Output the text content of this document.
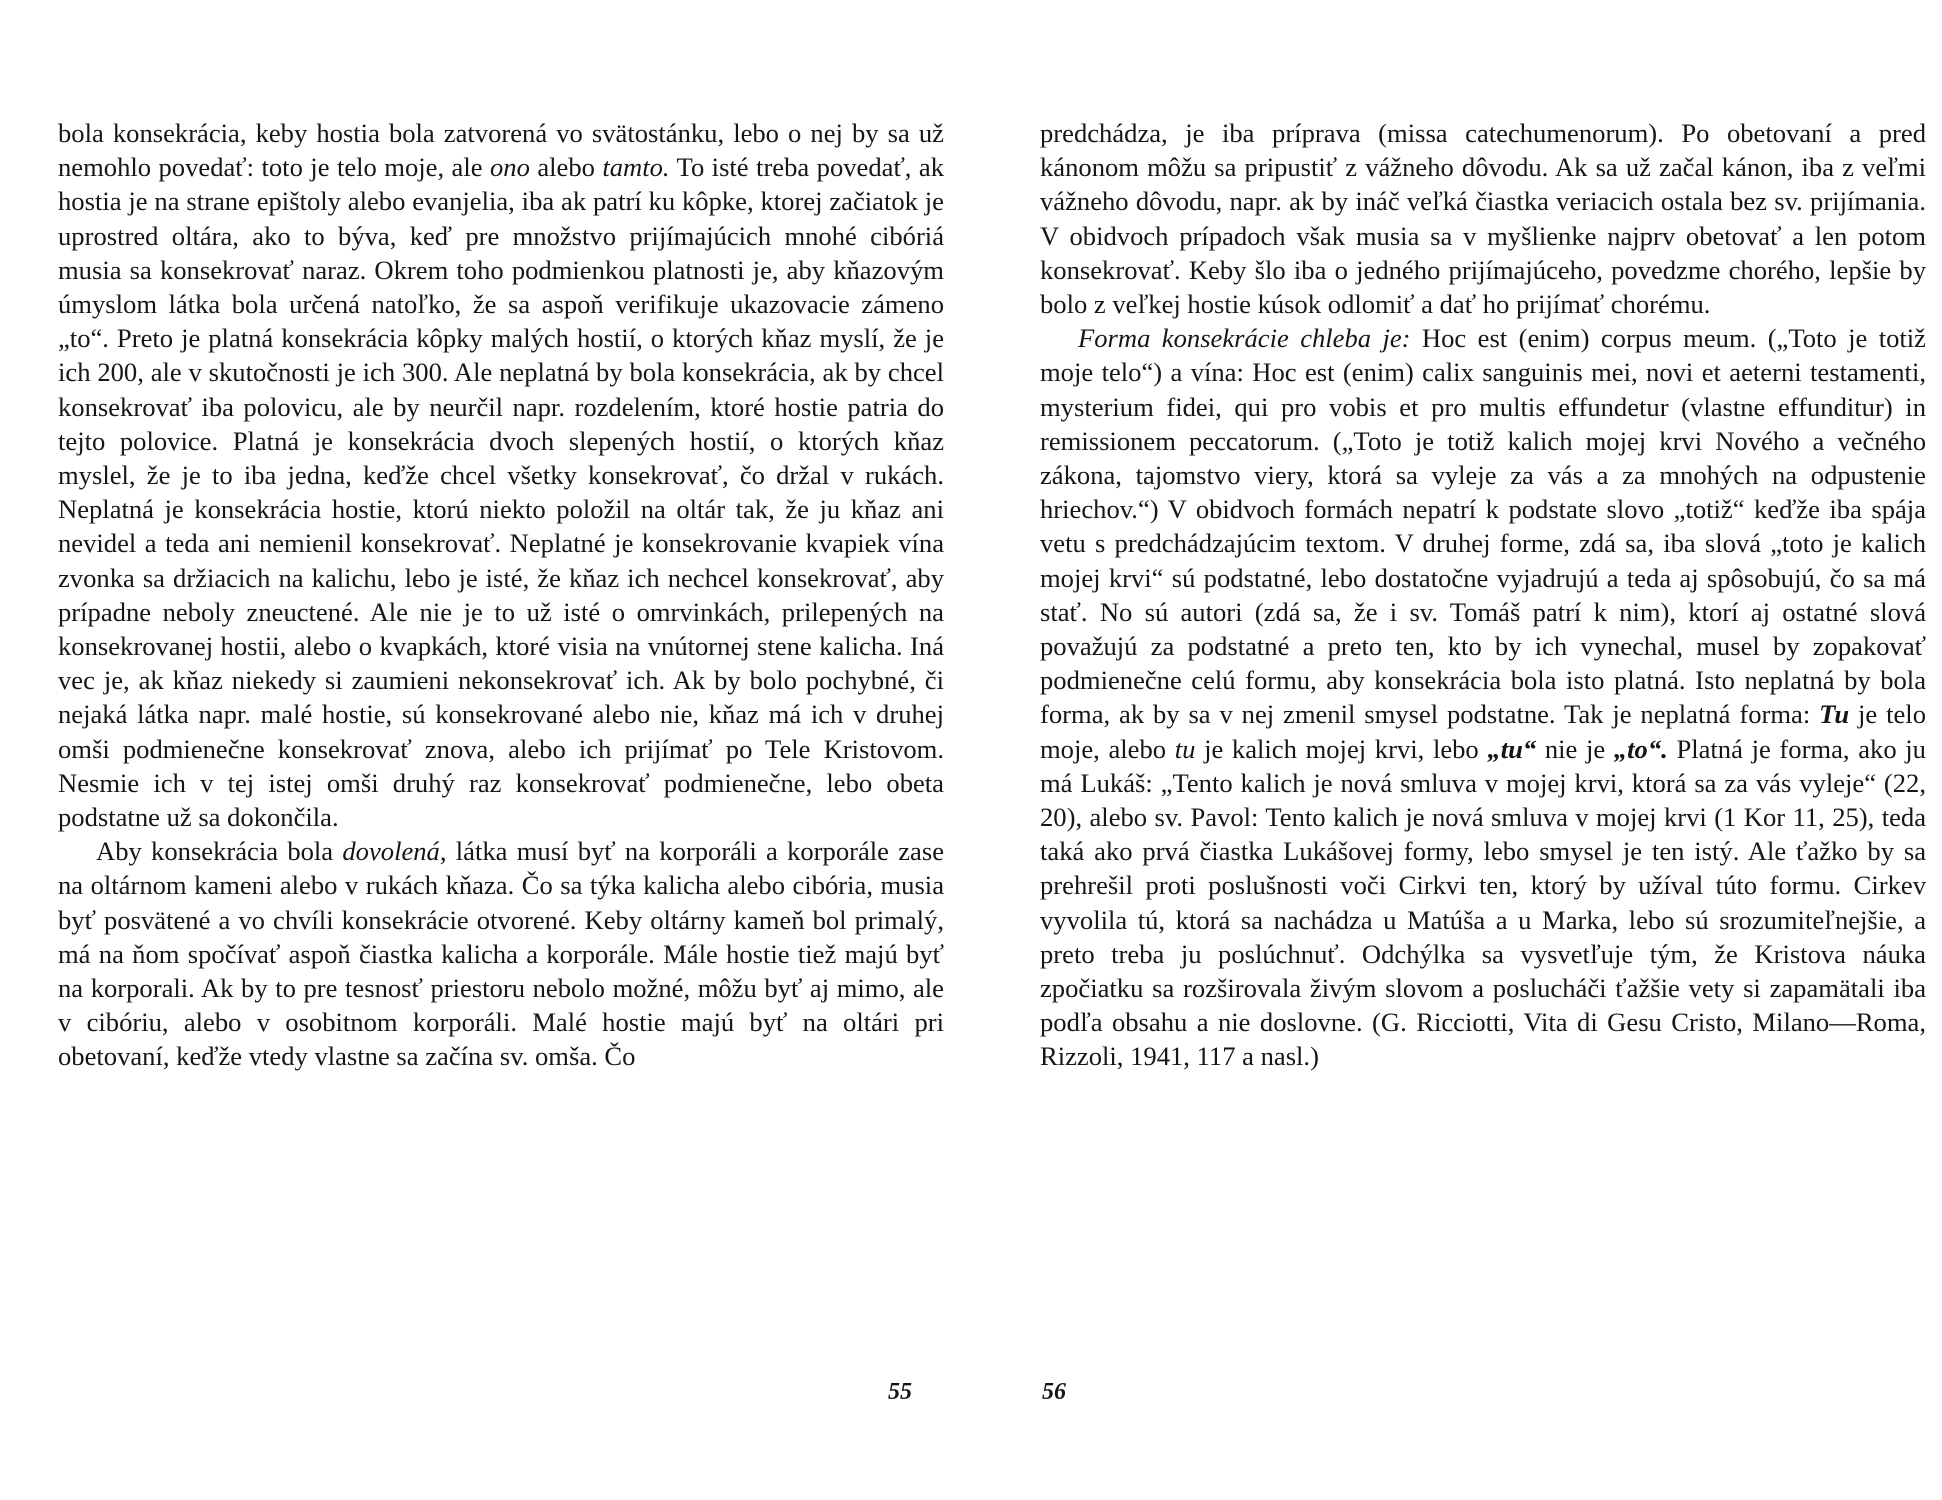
bola konsekrácia, keby hostia bola zatvorená vo svätostánku, lebo o nej by sa už nemohlo povedať: toto je telo moje, ale ono alebo tamto. To isté treba povedať, ak hostia je na strane epištoly alebo evanjelia, iba ak patrí ku kôpke, ktorej začiatok je uprostred oltára, ako to býva, keď pre množstvo prijímajúcich mnohé cibóriá musia sa konsekrovať naraz. Okrem toho podmienkou platnosti je, aby kňazovým úmyslom látka bola určená natoľko, že sa aspoň verifikuje ukazovacie zámeno „to“. Preto je platná konsekrácia kôpky malých hostií, o ktorých kňaz myslí, že je ich 200, ale v skutočnosti je ich 300. Ale neplatná by bola konsekrácia, ak by chcel konsekrovať iba polovicu, ale by neurčil napr. rozdelením, ktoré hostie patria do tejto polovice. Platná je konsekrácia dvoch slepených hostií, o ktorých kňaz myslel, že je to iba jedna, keďže chcel všetky konsekrovať, čo držal v rukách. Neplatná je konsekrácia hostie, ktorú niekto položil na oltár tak, že ju kňaz ani nevidel a teda ani nemienil konsekrovať. Neplatné je konsekrovanie kvapiek vína zvonka sa držiacich na kalichu, lebo je isté, že kňaz ich nechcel konsekrovať, aby prípadne neboly zneuctené. Ale nie je to už isté o omrvinkách, prilepených na konsekrovanej hostii, alebo o kvapkách, ktoré visia na vnútornej stene kalicha. Iná vec je, ak kňaz niekedy si zaumieni nekonsekrovať ich. Ak by bolo pochybné, či nejaká látka napr. malé hostie, sú konsekrované alebo nie, kňaz má ich v druhej omši podmienečne konsekrovať znova, alebo ich prijímať po Tele Kristovom. Nesmie ich v tej istej omši druhý raz konsekrovať podmienečne, lebo obeta podstatne už sa dokončila.

Aby konsekrácia bola dovolená, látka musí byť na korporáli a korporále zase na oltárnom kameni alebo v rukách kňaza. Čo sa týka kalicha alebo cibória, musia byť posvätené a vo chvíli konsekrácie otvorené. Keby oltárny kameň bol primalý, má na ňom spočívať aspoň čiastka kalicha a korporále. Mále hostie tiež majú byť na korporali. Ak by to pre tesnosť priestoru nebolo možné, môžu byť aj mimo, ale v cibóriu, alebo v osobitnom korporáli. Malé hostie majú byť na oltári pri obetovaní, keďže vtedy vlastne sa začína sv. omša. Čo

55

predchádza, je iba príprava (missa catechumenorum). Po obetovaní a pred kánonom môžu sa pripustiť z vážneho dôvodu. Ak sa už začal kánon, iba z veľmi vážneho dôvodu, napr. ak by ináč veľká čiastka veriacich ostala bez sv. prijímania. V obidvoch prípadoch však musia sa v myšlienke najprv obetovať a len potom konsekrovať. Keby šlo iba o jedného prijímajúceho, povedzme chorého, lepšie by bolo z veľkej hostie kúsok odlomiť a dať ho prijímať chorému.

Forma konsekrácie chleba je: Hoc est (enim) corpus meum. („Toto je totiž moje telo“) a vína: Hoc est (enim) calix sanguinis mei, novi et aeterni testamenti, mysterium fidei, qui pro vobis et pro multis effundetur (vlastne effunditur) in remissionem peccatorum. („Toto je totiž kalich mojej krvi Nového a večného zákona, tajomstvo viery, ktorá sa vyleje za vás a za mnohých na odpustenie hriechov.“) V obidvoch formách nepatrí k podstate slovo „totiž“ keďže iba spája vetu s predchádzajúcim textom. V druhej forme, zdá sa, iba slová „toto je kalich mojej krvi“ sú podstatné, lebo dostatočne vyjadrujú a teda aj spôsobujú, čo sa má stať. No sú autori (zdá sa, že i sv. Tomáš patrí k nim), ktorí aj ostatné slová považujú za podstatné a preto ten, kto by ich vynechal, musel by zopakovať podmienečne celú formu, aby konsekrácia bola isto platná. Isto neplatná by bola forma, ak by sa v nej zmenil smysel podstatne. Tak je neplatná forma: Tu je telo moje, alebo tu je kalich mojej krvi, lebo „tu“ nie je „to“. Platná je forma, ako ju má Lukáš: „Tento kalich je nová smluva v mojej krvi, ktorá sa za vás vyleje“ (22, 20), alebo sv. Pavol: Tento kalich je nová smluva v mojej krvi (1 Kor 11, 25), teda taká ako prvá čiastka Lukášovej formy, lebo smysel je ten istý. Ale ťažko by sa prehrešil proti poslušnosti voči Cirkvi ten, ktorý by užíval túto formu. Cirkev vyvolila tú, ktorá sa nachádza u Matúša a u Marka, lebo sú srozumiteľnejšie, a preto treba ju poslúchnuť. Odchýlka sa vysvetľuje tým, že Kristova náuka zpočiatku sa rozširovala živým slovom a poslucháči ťažšie vety si zapamätali iba podľa obsahu a nie doslovne. (G. Ricciotti, Vita di Gesu Cristo, Milano—Roma, Rizzoli, 1941, 117 a nasl.)

56
